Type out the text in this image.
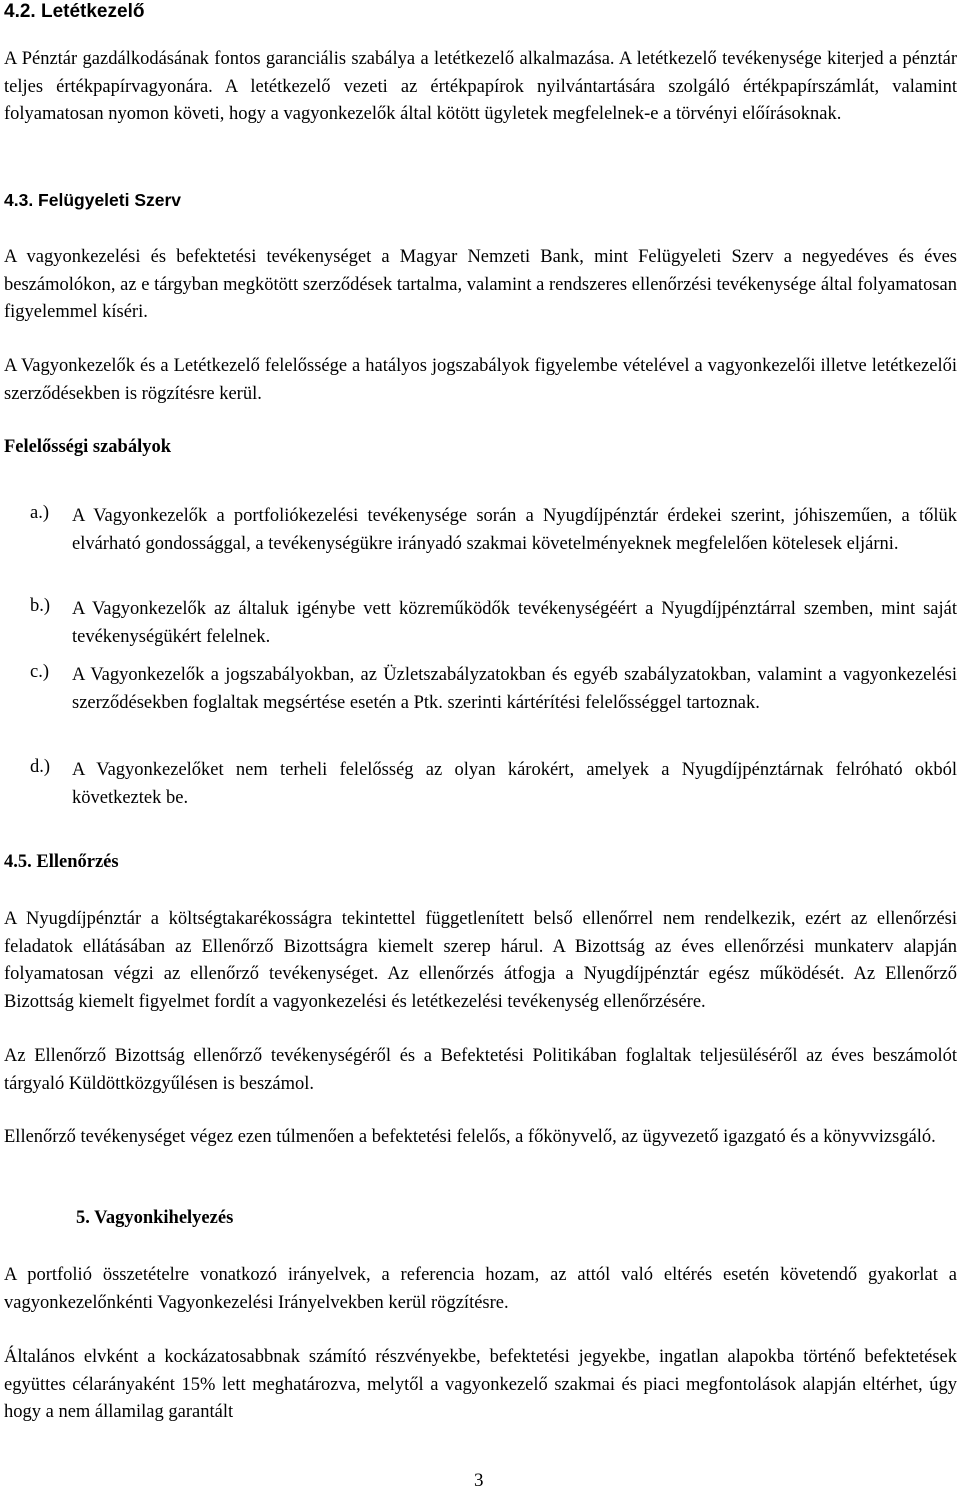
4.2. Letétkezelő

A Pénztár gazdálkodásának fontos garanciális szabálya a letétkezelő alkalmazása. A letétkezelő tevékenysége kiterjed a pénztár teljes értékpapírvagyonára. A letétkezelő vezeti az értékpapírok nyilvántartására szolgáló értékpapírszámlát, valamint folyamatosan nyomon követi, hogy a vagyonkezelők által kötött ügyletek megfelelnek-e a törvényi előírásoknak.

4.3. Felügyeleti Szerv

A vagyonkezelési és befektetési tevékenységet a Magyar Nemzeti Bank, mint Felügyeleti Szerv a negyedéves és éves beszámolókon, az e tárgyban megkötött szerződések tartalma, valamint a rendszeres ellenőrzési tevékenysége által folyamatosan figyelemmel kíséri.

A Vagyonkezelők és a Letétkezelő felelőssége a hatályos jogszabályok figyelembe vételével a vagyonkezelői illetve letétkezelői szerződésekben is rögzítésre kerül.

Felelősségi szabályok
a.) A Vagyonkezelők a portfoliókezelési tevékenysége során a Nyugdíjpénztár érdekei szerint, jóhiszeműen, a tőlük elvárható gondossággal, a tevékenységükre irányadó szakmai követelményeknek megfelelően kötelesek eljárni.

b.) A Vagyonkezelők az általuk igénybe vett közreműködők tevékenységéért a Nyugdíjpénztárral szemben, mint saját tevékenységükért felelnek.

c.) A Vagyonkezelők a jogszabályokban, az Üzletszabályzatokban és egyéb szabályzatokban, valamint a vagyonkezelési szerződésekben foglaltak megsértése esetén a Ptk. szerinti kártérítési felelősséggel tartoznak.

d.) A Vagyonkezelőket nem terheli felelősség az olyan károkért, amelyek a Nyugdíjpénztárnak felróható okból következtek be.

4.5. Ellenőrzés

A Nyugdíjpénztár a költségtakarékosságra tekintettel függetlenített belső ellenőrrel nem rendelkezik, ezért az ellenőrzési feladatok ellátásában az Ellenőrző Bizottságra kiemelt szerep hárul. A Bizottság az éves ellenőrzési munkaterv alapján folyamatosan végzi az ellenőrző tevékenységet. Az ellenőrzés átfogja a Nyugdíjpénztár egész működését. Az Ellenőrző Bizottság kiemelt figyelmet fordít a vagyonkezelési és letétkezelési tevékenység ellenőrzésére.

Az Ellenőrző Bizottság ellenőrző tevékenységéről és a Befektetési Politikában foglaltak teljesüléséről az éves beszámolót tárgyaló Küldöttközgyűlésen is beszámol.

Ellenőrző tevékenységet végez ezen túlmenően a befektetési felelős, a főkönyvelő, az ügyvezető igazgató és a könyvvizsgáló.

5. Vagyonkihelyezés

A portfolió összetételre vonatkozó irányelvek, a referencia hozam, az attól való eltérés esetén követendő gyakorlat a vagyonkezelőnkénti Vagyonkezelési Irányelvekben kerül rögzítésre.

Általános elvként a kockázatosabbnak számító részvényekbe, befektetési jegyekbe, ingatlan alapokba történő befektetések együttes célarányaként 15% lett meghatározva, melytől a vagyonkezelő szakmai és piaci megfontolások alapján eltérhet, úgy hogy a nem államilag garantált

3
